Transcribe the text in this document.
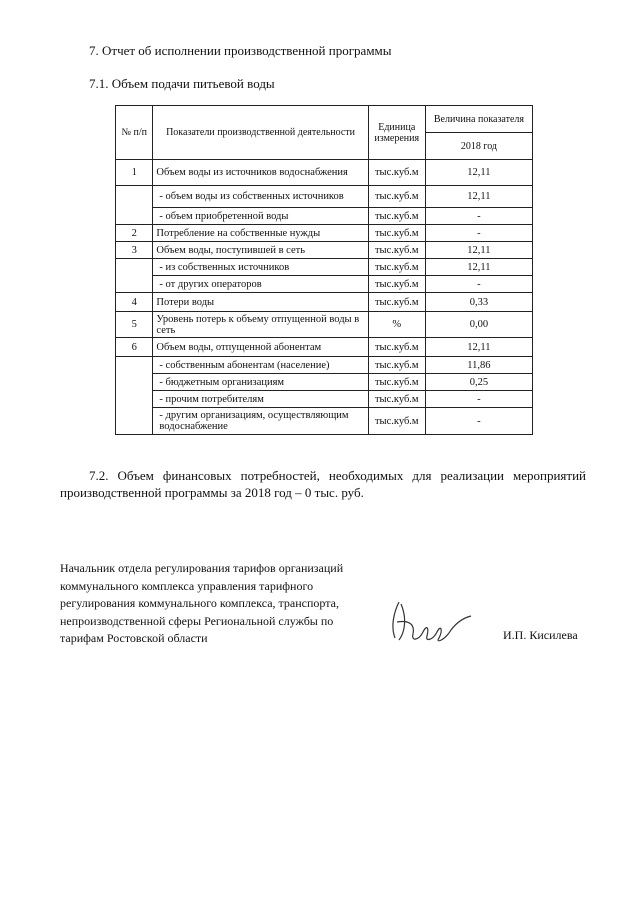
7. Отчет об исполнении производственной программы
7.1. Объем подачи питьевой воды
№ п/п	Показатели производственной деятельности	Единица измерения	Величина показателя
			2018 год
1	Объем воды из источников водоснабжения	тыс.куб.м	12,11
	- объем воды из собственных источников	тыс.куб.м	12,11
	- объем приобретенной воды	тыс.куб.м	-
2	Потребление на собственные нужды	тыс.куб.м	-
3	Объем воды, поступившей в сеть	тыс.куб.м	12,11
	- из собственных источников	тыс.куб.м	12,11
	- от других операторов	тыс.куб.м	-
4	Потери воды	тыс.куб.м	0,33
5	Уровень потерь к объему отпущенной воды в сеть	%	0,00
6	Объем воды, отпущенной абонентам	тыс.куб.м	12,11
	- собственным абонентам (население)	тыс.куб.м	11,86
	- бюджетным организациям	тыс.куб.м	0,25
	- прочим потребителям	тыс.куб.м	-
	- другим организациям, осуществляющим водоснабжение	тыс.куб.м	-
7.2. Объем финансовых потребностей, необходимых для реализации мероприятий производственной программы за 2018 год – 0 тыс. руб.
Начальник отдела регулирования тарифов организаций коммунального комплекса управления тарифного регулирования коммунального комплекса, транспорта, непроизводственной сферы Региональной службы по тарифам Ростовской области	И.П. Кисилева
